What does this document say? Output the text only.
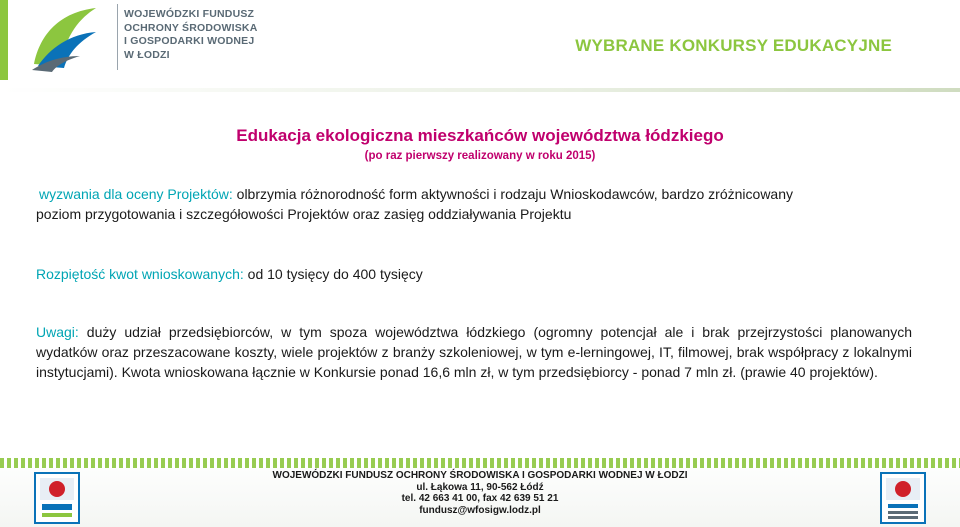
WOJEWÓDZKI FUNDUSZ
OCHRONY ŚRODOWISKA
I GOSPODARKI WODNEJ
W ŁODZI	WYBRANE KONKURSY EDUKACYJNE
Edukacja ekologiczna mieszkańców województwa łódzkiego
(po raz pierwszy realizowany w roku 2015)
wyzwania dla oceny Projektów: olbrzymia różnorodność form aktywności i rodzaju Wnioskodawców, bardzo zróżnicowany
poziom przygotowania i szczegółowości Projektów oraz zasięg oddziaływania Projektu
Rozpiętość kwot wnioskowanych: od 10 tysięcy do 400 tysięcy
Uwagi: duży udział przedsiębiorców, w tym spoza województwa łódzkiego (ogromny potencjał ale i brak przejrzystości planowanych wydatków oraz przeszacowane koszty, wiele projektów z branży szkoleniowej, w tym e-lerningowej, IT, filmowej, brak współpracy z lokalnymi instytucjami). Kwota wnioskowana łącznie w Konkursie ponad 16,6 mln zł, w tym przedsiębiorcy - ponad 7 mln zł. (prawie 40 projektów).
WOJEWÓDZKI FUNDUSZ OCHRONY ŚRODOWISKA I GOSPODARKI WODNEJ W ŁODZI
ul. Łąkowa 11, 90-562 Łódź
tel. 42 663 41 00, fax 42 639 51 21
fundusz@wfosigw.lodz.pl
